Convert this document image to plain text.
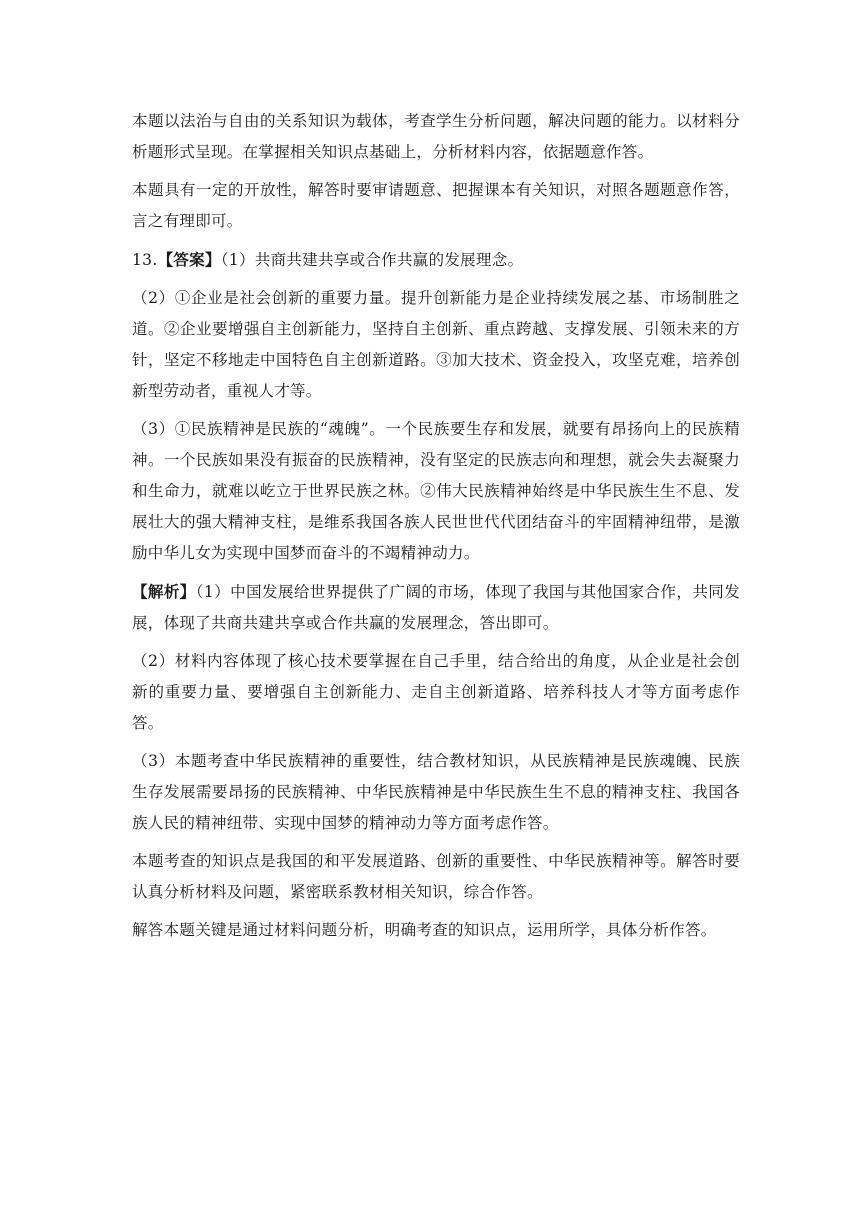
本题以法治与自由的关系知识为载体，考查学生分析问题，解决问题的能力。以材料分析题形式呈现。在掌握相关知识点基础上，分析材料内容，依据题意作答。

本题具有一定的开放性，解答时要审请题意、把握课本有关知识，对照各题题意作答，言之有理即可。

13.【答案】（1）共商共建共享或合作共赢的发展理念。

（2）①企业是社会创新的重要力量。提升创新能力是企业持续发展之基、市场制胜之道。②企业要增强自主创新能力，坚持自主创新、重点跨越、支撑发展、引领未来的方针，坚定不移地走中国特色自主创新道路。③加大技术、资金投入，攻坚克难，培养创新型劳动者，重视人才等。

（3）①民族精神是民族的“魂魄”。一个民族要生存和发展，就要有昂扬向上的民族精神。一个民族如果没有振奋的民族精神，没有坚定的民族志向和理想，就会失去凝聚力和生命力，就难以屹立于世界民族之林。②伟大民族精神始终是中华民族生生不息、发展壮大的强大精神支柱，是维系我国各族人民世世代代团结奋斗的牢固精神纽带，是激励中华儿女为实现中国梦而奋斗的不竭精神动力。

【解析】（1）中国发展给世界提供了广阔的市场，体现了我国与其他国家合作，共同发展，体现了共商共建共享或合作共赢的发展理念，答出即可。

（2）材料内容体现了核心技术要掌握在自己手里，结合给出的角度，从企业是社会创新的重要力量、要增强自主创新能力、走自主创新道路、培养科技人才等方面考虑作答。

（3）本题考查中华民族精神的重要性，结合教材知识，从民族精神是民族魂魄、民族生存发展需要昂扬的民族精神、中华民族精神是中华民族生生不息的精神支柱、我国各族人民的精神纽带、实现中国梦的精神动力等方面考虑作答。

本题考查的知识点是我国的和平发展道路、创新的重要性、中华民族精神等。解答时要认真分析材料及问题，紧密联系教材相关知识，综合作答。

解答本题关键是通过材料问题分析，明确考查的知识点，运用所学，具体分析作答。
